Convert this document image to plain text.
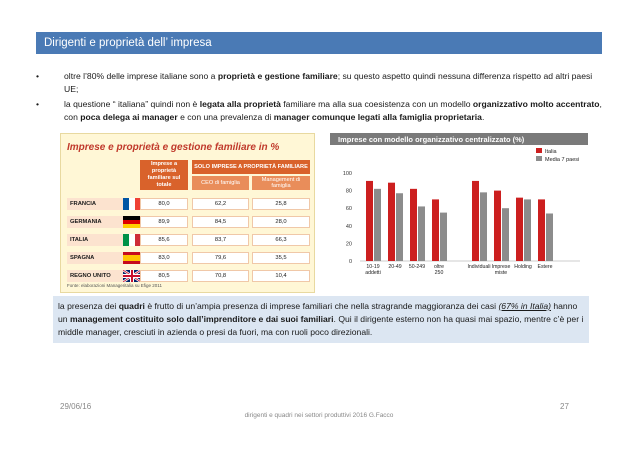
Dirigenti e proprietà dell’ impresa
•	oltre l’80% delle imprese italiane sono a proprietà e gestione familiare; su questo aspetto quindi nessuna differenza rispetto ad altri paesi UE;
•	la questione “ italiana” quindi non è legata alla proprietà familiare ma alla sua coesistenza con un modello organizzativo molto accentrato, con poca delega ai manager e con una prevalenza di manager comunque legati alla famiglia proprietaria.
Imprese e proprietà e gestione familiare in %
Imprese a proprietà familiare sul totale
SOLO IMPRESE A PROPRIETÀ FAMILIARE
CEO di famiglia	Management di famiglia
FRANCIA	80,0	62,2	25,8
GERMANIA	89,9	84,5	28,0
ITALIA	85,6	83,7	66,3
SPAGNA	83,0	79,6	35,5
REGNO UNITO	80,5	70,8	10,4
Fonte: elaborazioni Manageritalia su Efige 2011
Imprese con modello organizzativo centralizzato (%)
0
20
40
60
80
100
10-19
addetti
20-49 50-249 oltre
250
Individuali Imprese
miste
Holding Estere
Italia
Media 7 paesi
la presenza dei quadri è frutto di un’ampia presenza di imprese familiari che nella stragrande maggioranza dei casi (67% in Italia) hanno un management costituito solo dall’imprenditore e dai suoi familiari. Qui il dirigente esterno non ha quasi mai spazio, mentre c’è per i middle manager, cresciuti in azienda o presi da fuori, ma con ruoli poco direzionali.
29/06/16
dirigenti e quadri nei settori produttivi 2016 G.Facco
27
